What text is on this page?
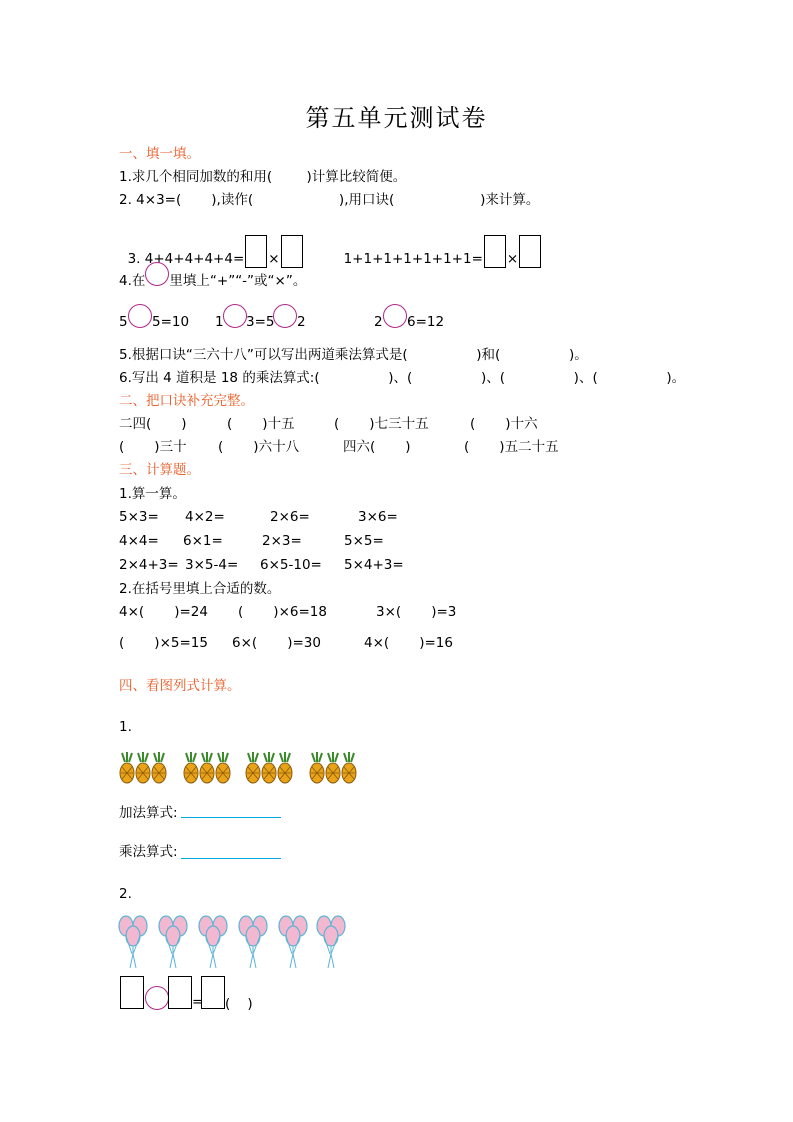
第五单元测试卷
一、填一填。
1.求几个相同加数的和用(        )计算比较简便。
2. 4×3=(       ),读作(                    ),用口诀(                    )来计算。

3. 4+4+4+4+4= ×	1+1+1+1+1+1+1= ×

4.在 里填上“+”“-”或“×”。
5 5=10 1 3=5 2	2 6=12
5.根据口诀“三六十八”可以写出两道乘法算式是(                )和(                )。
6.写出 4 道积是 18 的乘法算式:(                )、(                )、(                )、(                )。
二、把口诀补充完整。
二四(       )	(       )十五	(       )七三十五	(       )十六
(       )三十 (       )六十八	四六(       )	(       )五二十五
三、计算题。
1.算一算。
5×3= 4×2=	2×6=	3×6=
4×4= 6×1=	2×3=	5×5=
2×4+3= 3×5-4= 6×5-10= 5×4+3=
2.在括号里填上合适的数。
4×(       )=24 (       )×6=18	3×(       )=3
(       )×5=15 6×(       )=30	4×(       )=16
四、看图列式计算。
1.
加法算式:
乘法算式:
2.
= (    )
